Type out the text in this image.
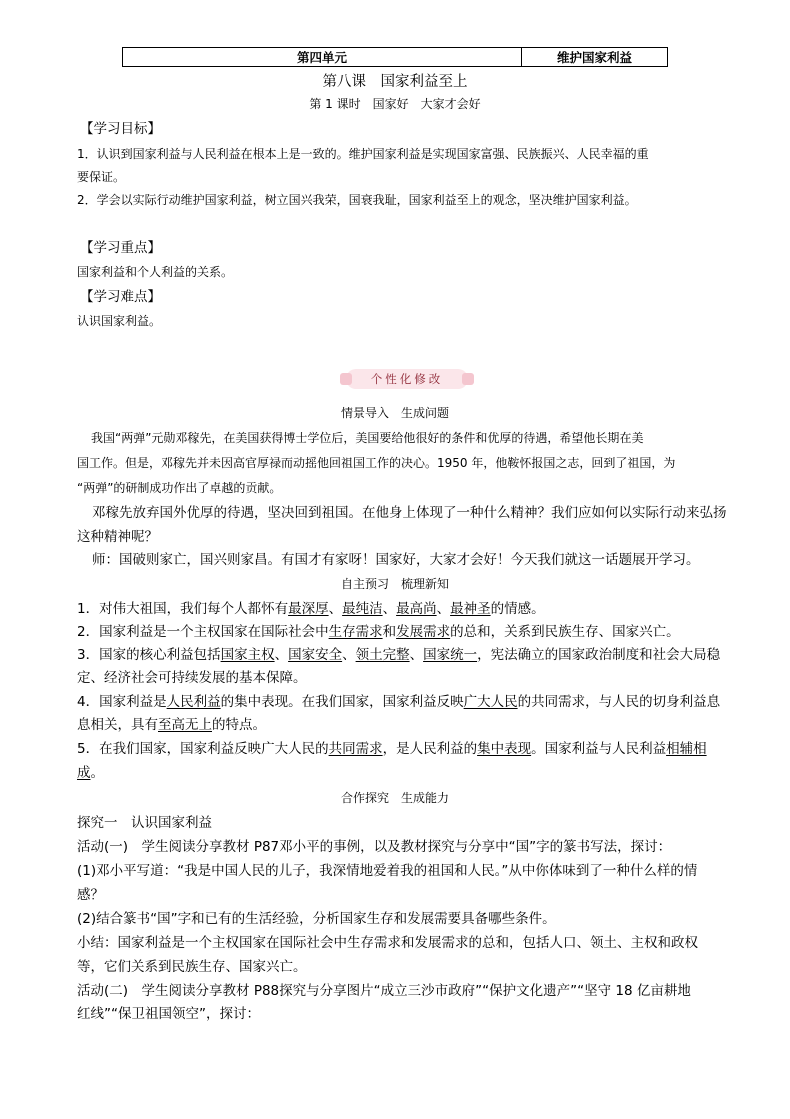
第四单元	维护国家利益
第八课　国家利益至上
第 1 课时　国家好　大家才会好
【学习目标】
1．认识到国家利益与人民利益在根本上是一致的。维护国家利益是实现国家富强、民族振兴、人民幸福的重
要保证。
2．学会以实际行动维护国家利益，树立国兴我荣，国衰我耻，国家利益至上的观念，坚决维护国家利益。
【学习重点】
国家利益和个人利益的关系。
【学习难点】
认识国家利益。
个性化修改
情景导入　生成问题
我国“两弹”元勋邓稼先，在美国获得博士学位后，美国要给他很好的条件和优厚的待遇，希望他长期在美
国工作。但是，邓稼先并未因高官厚禄而动摇他回祖国工作的决心。1950 年，他鞍怀报国之志，回到了祖国，为
“两弹”的研制成功作出了卓越的贡献。
邓稼先放弃国外优厚的待遇，坚决回到祖国。在他身上体现了一种什么精神？我们应如何以实际行动来弘扬
这种精神呢？
师：国破则家亡，国兴则家昌。有国才有家呀！国家好，大家才会好！今天我们就这一话题展开学习。
自主预习　梳理新知
1．对伟大祖国，我们每个人都怀有最深厚、最纯洁、最高尚、最神圣的情感。
2．国家利益是一个主权国家在国际社会中生存需求和发展需求的总和，关系到民族生存、国家兴亡。
3．国家的核心利益包括国家主权、国家安全、领土完整、国家统一，宪法确立的国家政治制度和社会大局稳
定、经济社会可持续发展的基本保障。
4．国家利益是人民利益的集中表现。在我们国家，国家利益反映广大人民的共同需求，与人民的切身利益息
息相关，具有至高无上的特点。
5．在我们国家，国家利益反映广大人民的共同需求，是人民利益的集中表现。国家利益与人民利益相辅相
成。
合作探究　生成能力
探究一　认识国家利益
活动(一)　学生阅读分享教材 P87邓小平的事例，以及教材探究与分享中“国”字的篆书写法，探讨：
(1)邓小平写道：“我是中国人民的儿子，我深情地爱着我的祖国和人民。”从中你体味到了一种什么样的情
感？
(2)结合篆书“国”字和已有的生活经验，分析国家生存和发展需要具备哪些条件。
小结：国家利益是一个主权国家在国际社会中生存需求和发展需求的总和，包括人口、领土、主权和政权
等，它们关系到民族生存、国家兴亡。
活动(二)　学生阅读分享教材 P88探究与分享图片“成立三沙市政府”“保护文化遗产”“坚守 18 亿亩耕地
红线”“保卫祖国领空”，探讨：
